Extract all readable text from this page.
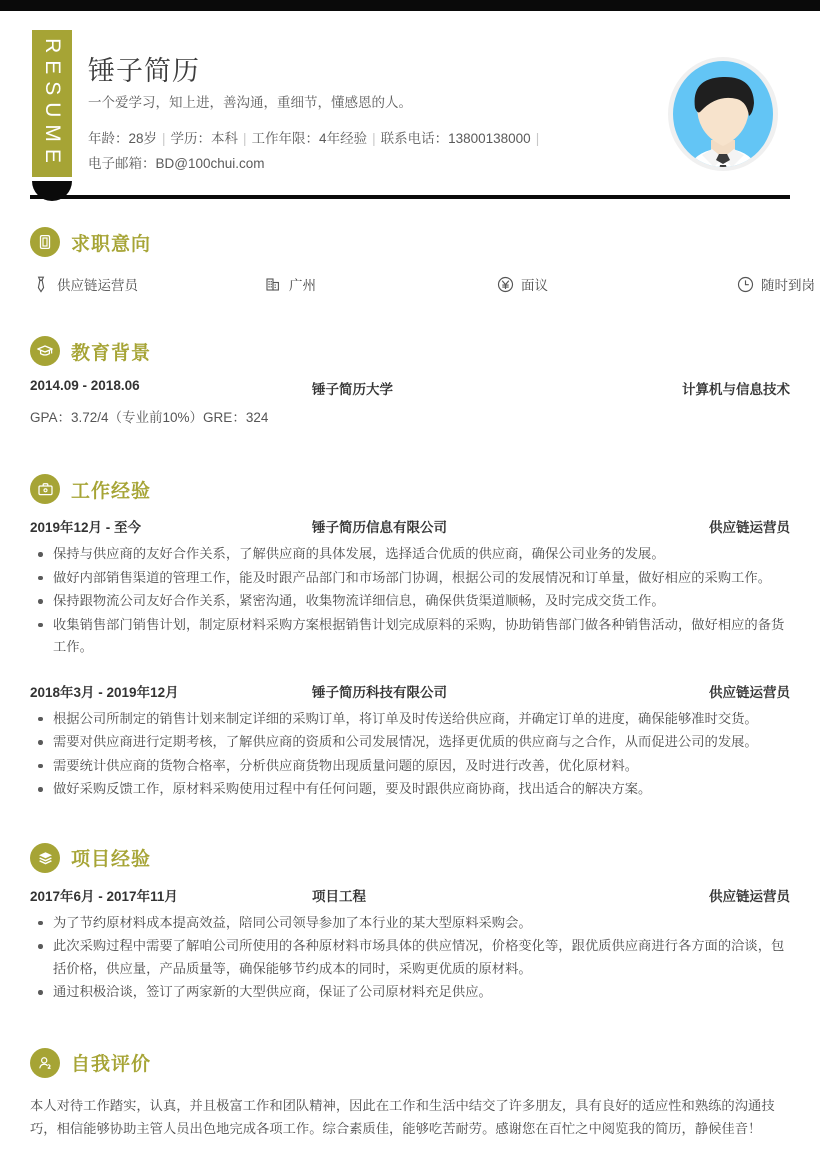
RESUME 锤子简历
一个爱学习，知上进，善沟通，重细节，懂感恩的人。
年龄：28岁 | 学历：本科 | 工作年限：4年经验 | 联系电话：13800138000 |
电子邮箱：BD@100chui.com
求职意向
供应链运营员	广州	面议	随时到岗
教育背景
2014.09 - 2018.06	锤子简历大学	计算机与信息技术
GPA：3.72/4（专业前10%）GRE：324
工作经验
2019年12月 - 至今	锤子简历信息有限公司	供应链运营员
保持与供应商的友好合作关系，了解供应商的具体发展，选择适合优质的供应商，确保公司业务的发展。
做好内部销售渠道的管理工作，能及时跟产品部门和市场部门协调，根据公司的发展情况和订单量，做好相应的采购工作。
保持跟物流公司友好合作关系，紧密沟通，收集物流详细信息，确保供货渠道顺畅，及时完成交货工作。
收集销售部门销售计划，制定原材料采购方案根据销售计划完成原料的采购，协助销售部门做各种销售活动，做好相应的备货工作。
2018年3月 - 2019年12月	锤子简历科技有限公司	供应链运营员
根据公司所制定的销售计划来制定详细的采购订单，将订单及时传送给供应商，并确定订单的进度，确保能够准时交货。
需要对供应商进行定期考核，了解供应商的资质和公司发展情况，选择更优质的供应商与之合作，从而促进公司的发展。
需要统计供应商的货物合格率，分析供应商货物出现质量问题的原因，及时进行改善，优化原材料。
做好采购反馈工作，原材料采购使用过程中有任何问题，要及时跟供应商协商，找出适合的解决方案。
项目经验
2017年6月 - 2017年11月	项目工程	供应链运营员
为了节约原材料成本提高效益，陪同公司领导参加了本行业的某大型原料采购会。
此次采购过程中需要了解咱公司所使用的各种原材料市场具体的供应情况，价格变化等，跟优质供应商进行各方面的洽谈，包括价格，供应量，产品质量等，确保能够节约成本的同时，采购更优质的原材料。
通过积极洽谈，签订了两家新的大型供应商，保证了公司原材料充足供应。
自我评价
本人对待工作踏实，认真，并且极富工作和团队精神，因此在工作和生活中结交了许多朋友，具有良好的适应性和熟练的沟通技巧，相信能够协助主管人员出色地完成各项工作。综合素质佳，能够吃苦耐劳。感谢您在百忙之中阅览我的简历，静候佳音！
